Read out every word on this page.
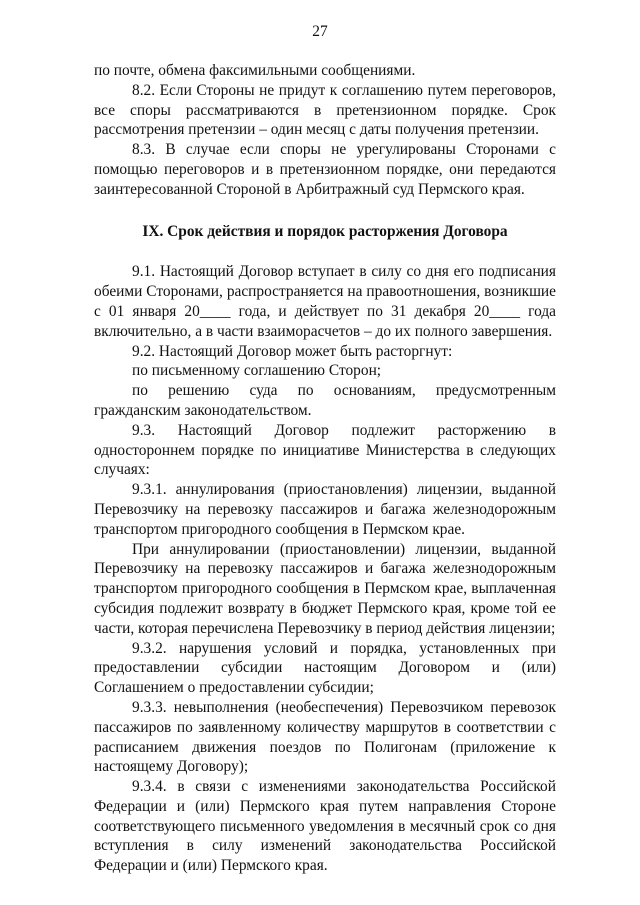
27

по почте, обмена факсимильными сообщениями.

8.2. Если Стороны не придут к соглашению путем переговоров, все споры рассматриваются в претензионном порядке. Срок рассмотрения претензии – один месяц с даты получения претензии.

8.3. В случае если споры не урегулированы Сторонами с помощью переговоров и в претензионном порядке, они передаются заинтересованной Стороной в Арбитражный суд Пермского края.

IX. Срок действия и порядок расторжения Договора

9.1. Настоящий Договор вступает в силу со дня его подписания обеими Сторонами, распространяется на правоотношения, возникшие с 01 января 20____ года, и действует по 31 декабря 20____ года включительно, а в части взаиморасчетов – до их полного завершения.

9.2. Настоящий Договор может быть расторгнут:

по письменному соглашению Сторон;

по решению суда по основаниям, предусмотренным гражданским законодательством.

9.3. Настоящий Договор подлежит расторжению в одностороннем порядке по инициативе Министерства в следующих случаях:

9.3.1. аннулирования (приостановления) лицензии, выданной Перевозчику на перевозку пассажиров и багажа железнодорожным транспортом пригородного сообщения в Пермском крае.

При аннулировании (приостановлении) лицензии, выданной Перевозчику на перевозку пассажиров и багажа железнодорожным транспортом пригородного сообщения в Пермском крае, выплаченная субсидия подлежит возврату в бюджет Пермского края, кроме той ее части, которая перечислена Перевозчику в период действия лицензии;

9.3.2. нарушения условий и порядка, установленных при предоставлении субсидии настоящим Договором и (или) Соглашением о предоставлении субсидии;

9.3.3. невыполнения (необеспечения) Перевозчиком перевозок пассажиров по заявленному количеству маршрутов в соответствии с расписанием движения поездов по Полигонам (приложение к настоящему Договору);

9.3.4. в связи с изменениями законодательства Российской Федерации и (или) Пермского края путем направления Стороне соответствующего письменного уведомления в месячный срок со дня вступления в силу изменений законодательства Российской Федерации и (или) Пермского края.
